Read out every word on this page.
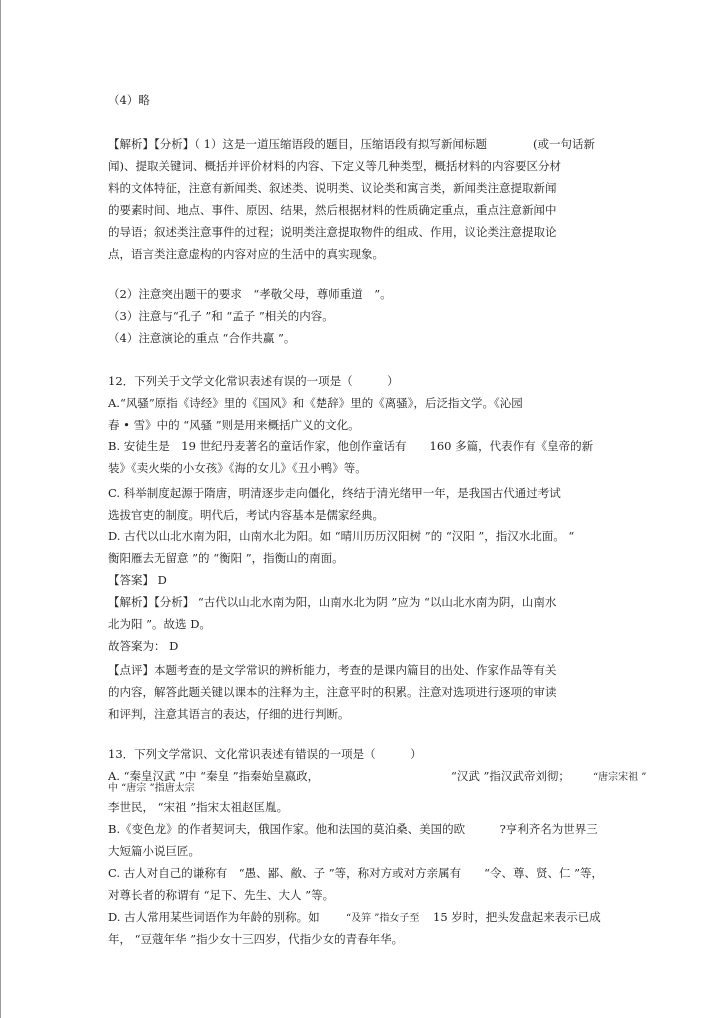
（4）略
【解析】【分析】（ 1）这是一道压缩语段的题目，压缩语段有拟写新闻标题　　　　(或一句话新
闻)、提取关键词、概括并评价材料的内容、下定义等几种类型，概括材料的内容要区分材
料的文体特征，注意有新闻类、叙述类、说明类、议论类和寓言类，新闻类注意提取新闻
的要素时间、地点、事件、原因、结果，然后根据材料的性质确定重点，重点注意新闻中
的导语；叙述类注意事件的过程；说明类注意提取物件的组成、作用，议论类注意提取论
点，语言类注意虚构的内容对应的生活中的真实现象。
（2）注意突出题干的要求　“孝敬父母，尊师重道　”。
（3）注意与“孔子 ”和 “孟子 ”相关的内容。
（4）注意演论的重点 “合作共赢 ”。
12．下列关于文学文化常识表述有误的一项是（　　　）
A.“风骚”原指《诗经》里的《国风》和《楚辞》里的《离骚》，后泛指文学。《沁园
春 • 雪》中的 “风骚 ”则是用来概括广义的文化。
B. 安徒生是　19 世纪丹麦著名的童话作家，他创作童话有　　160 多篇，代表作有《皇帝的新
装》《卖火柴的小女孩》《海的女儿》《丑小鸭》等。
C. 科举制度起源于隋唐，明清逐步走向僵化，终结于清光绪甲一年，是我国古代通过考试
选拔官吏的制度。明代后，考试内容基本是儒家经典。
D. 古代以山北水南为阳，山南水北为阳。如 “晴川历历汉阳树 ”的 “汉阳 ”，指汉水北面。 “
衡阳雁去无留意 ”的 “衡阳 ”，指衡山的南面。
【答案】 D
【解析】【分析】 “古代以山北水南为阳，山南水北为阴 ”应为 “以山北水南为阴，山南水
北为阳 ”。故选 D。
故答案为： D
【点评】本题考查的是文学常识的辨析能力，考查的是课内篇目的出处、作家作品等有关
的内容，解答此题关键以课本的注释为主，注意平时的积累。注意对选项进行逐项的审读
和评判，注意其语言的表达，仔细的进行判断。
13．下列文学常识、文化常识表述有错误的一项是（　　　）
A. “秦皇汉武 ”中 “秦皇 ”指秦始皇嬴政，	“汉武 ”指汉武帝刘彻；	“唐宗宋祖 ”
中 “唐宗 ”指唐太宗
李世民， “宋祖 ”指宋太祖赵匡胤。
B.《变色龙》的作者契诃夫，俄国作家。他和法国的莫泊桑、美国的欧　　　?亨利齐名为世界三
大短篇小说巨匠。
C. 古人对自己的谦称有　“愚、鄙、敝、子 ”等，称对方或对方亲属有　　“令、尊、贤、仁 ”等，
对尊长者的称谓有 “足下、先生、大人 ”等。
D. 古人常用某些词语作为年龄的别称。如	“及笄 ”指女子至	15 岁时，把头发盘起来表示已成
年， “豆蔻年华 ”指少女十三四岁，代指少女的青春年华。
